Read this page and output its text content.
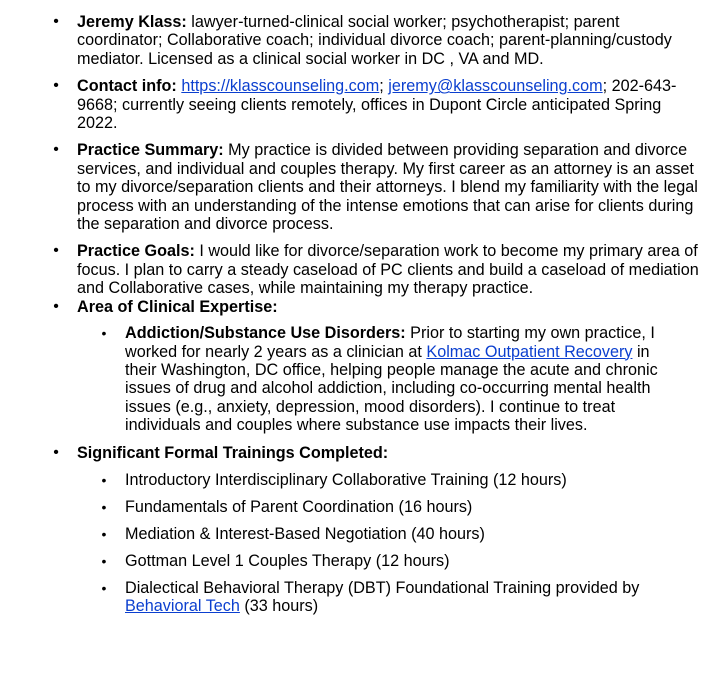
• Jeremy Klass: lawyer-turned-clinical social worker; psychotherapist; parent coordinator; Collaborative coach; individual divorce coach; parent-planning/custody mediator. Licensed as a clinical social worker in DC , VA and MD.
• Contact info: https://klasscounseling.com; jeremy@klasscounseling.com; 202-643-9668; currently seeing clients remotely, offices in Dupont Circle anticipated Spring 2022.
• Practice Summary: My practice is divided between providing separation and divorce services, and individual and couples therapy. My first career as an attorney is an asset to my divorce/separation clients and their attorneys. I blend my familiarity with the legal process with an understanding of the intense emotions that can arise for clients during the separation and divorce process.
• Practice Goals: I would like for divorce/separation work to become my primary area of focus. I plan to carry a steady caseload of PC clients and build a caseload of mediation and Collaborative cases, while maintaining my therapy practice.
• Area of Clinical Expertise:
• Addiction/Substance Use Disorders: Prior to starting my own practice, I worked for nearly 2 years as a clinician at Kolmac Outpatient Recovery in their Washington, DC office, helping people manage the acute and chronic issues of drug and alcohol addiction, including co-occurring mental health issues (e.g., anxiety, depression, mood disorders). I continue to treat individuals and couples where substance use impacts their lives.
• Significant Formal Trainings Completed:
• Introductory Interdisciplinary Collaborative Training (12 hours)
• Fundamentals of Parent Coordination (16 hours)
• Mediation & Interest-Based Negotiation (40 hours)
• Gottman Level 1 Couples Therapy (12 hours)
• Dialectical Behavioral Therapy (DBT) Foundational Training provided by Behavioral Tech (33 hours)
